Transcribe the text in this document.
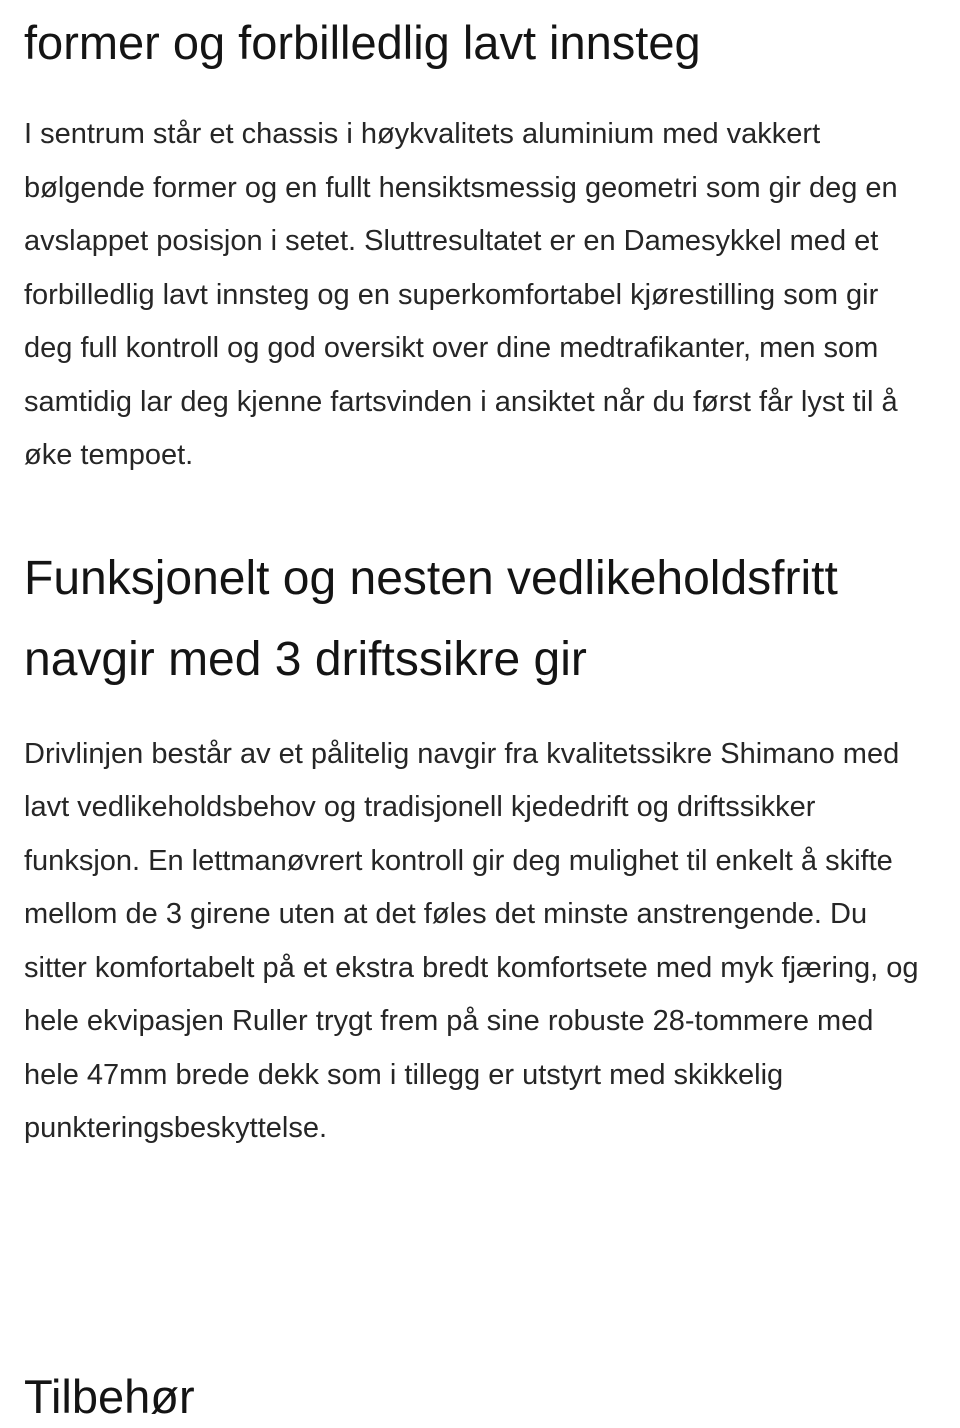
former og forbilledlig lavt innsteg

I sentrum står et chassis i høykvalitets aluminium med vakkert bølgende former og en fullt hensiktsmessig geometri som gir deg en avslappet posisjon i setet. Sluttresultatet er en Damesykkel med et forbilledlig lavt innsteg og en superkomfortabel kjørestilling som gir deg full kontroll og god oversikt over dine medtrafikanter, men som samtidig lar deg kjenne fartsvinden i ansiktet når du først får lyst til å øke tempoet.

Funksjonelt og nesten vedlikeholdsfritt navgir med 3 driftssikre gir

Drivlinjen består av et pålitelig navgir fra kvalitetssikre Shimano med lavt vedlikeholdsbehov og tradisjonell kjededrift og driftssikker funksjon. En lettmanøvrert kontroll gir deg mulighet til enkelt å skifte mellom de 3 girene uten at det føles det minste anstrengende. Du sitter komfortabelt på et ekstra bredt komfortsete med myk fjæring, og hele ekvipasjen Ruller trygt frem på sine robuste 28-tommere med hele 47mm brede dekk som i tillegg er utstyrt med skikkelig punkteringsbeskyttelse.

Tilbehør
